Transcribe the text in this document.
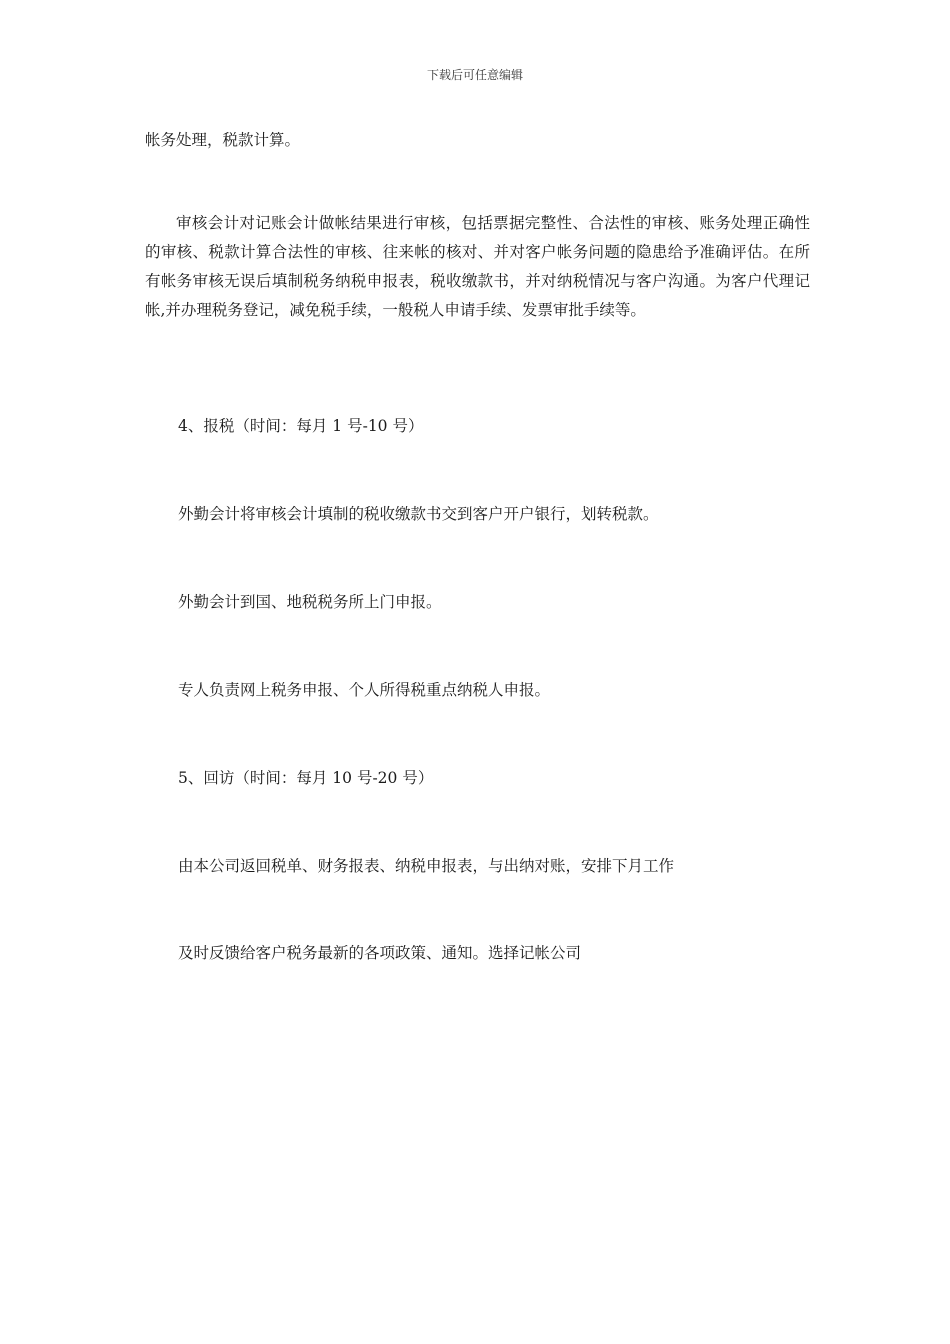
下载后可任意编辑
帐务处理，税款计算。
审核会计对记账会计做帐结果进行审核，包括票据完整性、合法性的审核、账务处理正确性的审核、税款计算合法性的审核、往来帐的核对、并对客户帐务问题的隐患给予准确评估。在所有帐务审核无误后填制税务纳税申报表，税收缴款书，并对纳税情况与客户沟通。为客户代理记帐,并办理税务登记，减免税手续，一般税人申请手续、发票审批手续等。
4、报税（时间：每月 1 号-10 号）
外勤会计将审核会计填制的税收缴款书交到客户开户银行，划转税款。
外勤会计到国、地税税务所上门申报。
专人负责网上税务申报、个人所得税重点纳税人申报。
5、回访（时间：每月 10 号-20 号）
由本公司返回税单、财务报表、纳税申报表，与出纳对账，安排下月工作
及时反馈给客户税务最新的各项政策、通知。选择记帐公司
